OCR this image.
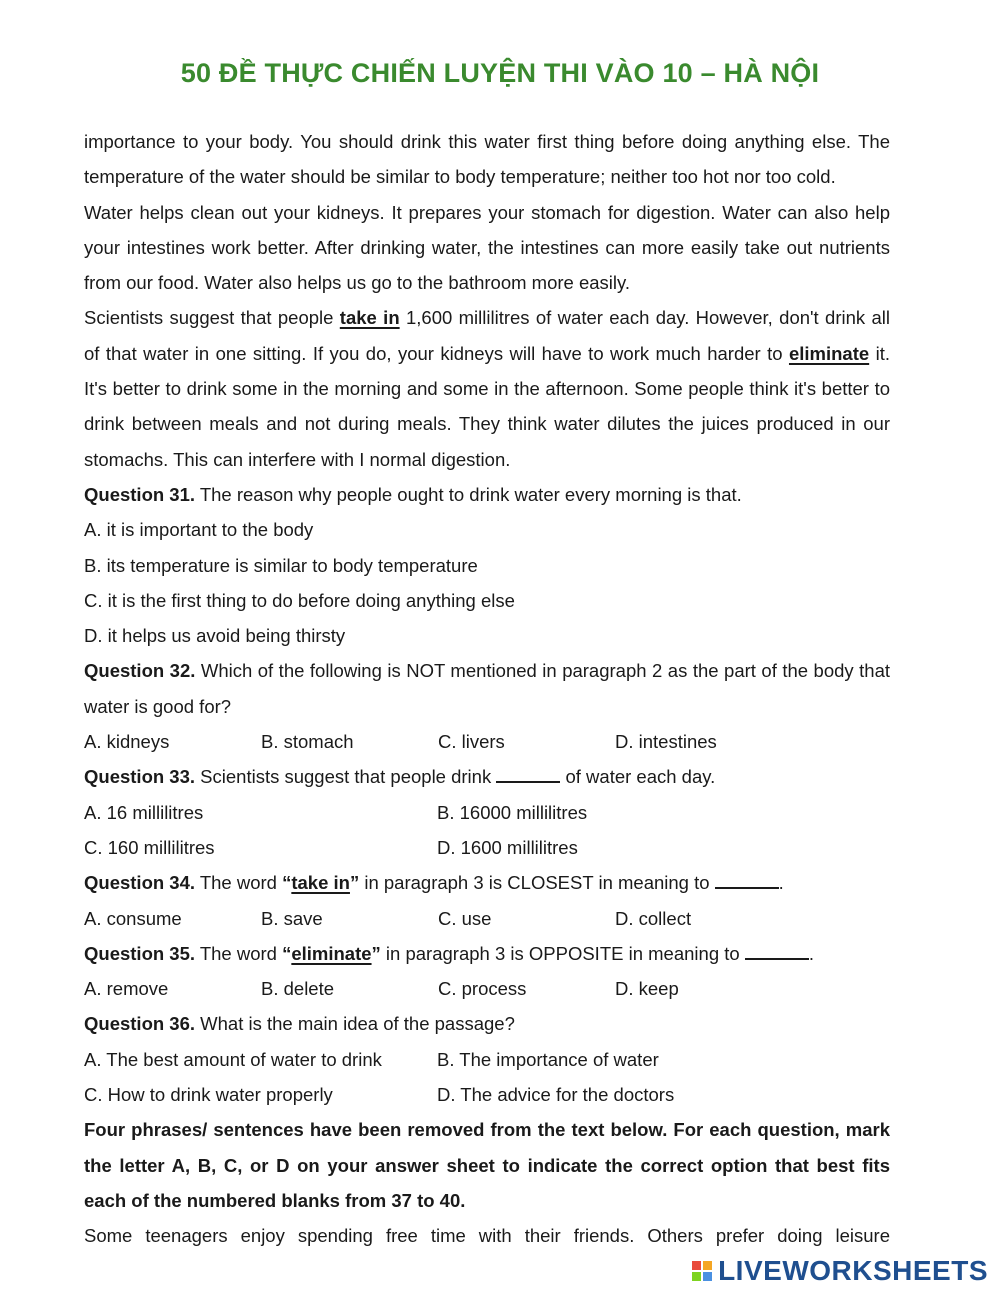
50 ĐỀ THỰC CHIẾN LUYỆN THI VÀO 10 – HÀ NỘI

importance to your body. You should drink this water first thing before doing anything else. The temperature of the water should be similar to body temperature; neither too hot nor too cold.

Water helps clean out your kidneys. It prepares your stomach for digestion. Water can also help your intestines work better. After drinking water, the intestines can more easily take out nutrients from our food. Water also helps us go to the bathroom more easily.

Scientists suggest that people take in 1,600 millilitres of water each day. However, don't drink all of that water in one sitting. If you do, your kidneys will have to work much harder to eliminate it. It's better to drink some in the morning and some in the afternoon. Some people think it's better to drink between meals and not during meals. They think water dilutes the juices produced in our stomachs. This can interfere with I normal digestion.

Question 31. The reason why people ought to drink water every morning is that.

A. it is important to the body

B. its temperature is similar to body temperature

C. it is the first thing to do before doing anything else

D. it helps us avoid being thirsty

Question 32. Which of the following is NOT mentioned in paragraph 2 as the part of the body that water is good for?

A. kidneys	B. stomach	C. livers	D. intestines

Question 33. Scientists suggest that people drink	of water each day.

A. 16 millilitres	B. 16000 millilitres
C. 160 millilitres	D. 1600 millilitres

Question 34. The word “take in” in paragraph 3 is CLOSEST in meaning to	.

A. consume	B. save	C. use	D. collect

Question 35. The word “eliminate” in paragraph 3 is OPPOSITE in meaning to	.

A. remove	B. delete	C. process	D. keep

Question 36. What is the main idea of the passage?

A. The best amount of water to drink	B. The importance of water
C. How to drink water properly	D. The advice for the doctors

Four phrases/ sentences have been removed from the text below. For each question, mark the letter A, B, C, or D on your answer sheet to indicate the correct option that best fits each of the numbered blanks from 37 to 40.

Some teenagers enjoy spending free time with their friends. Others prefer doing leisure

LIVEWORKSHEETS
